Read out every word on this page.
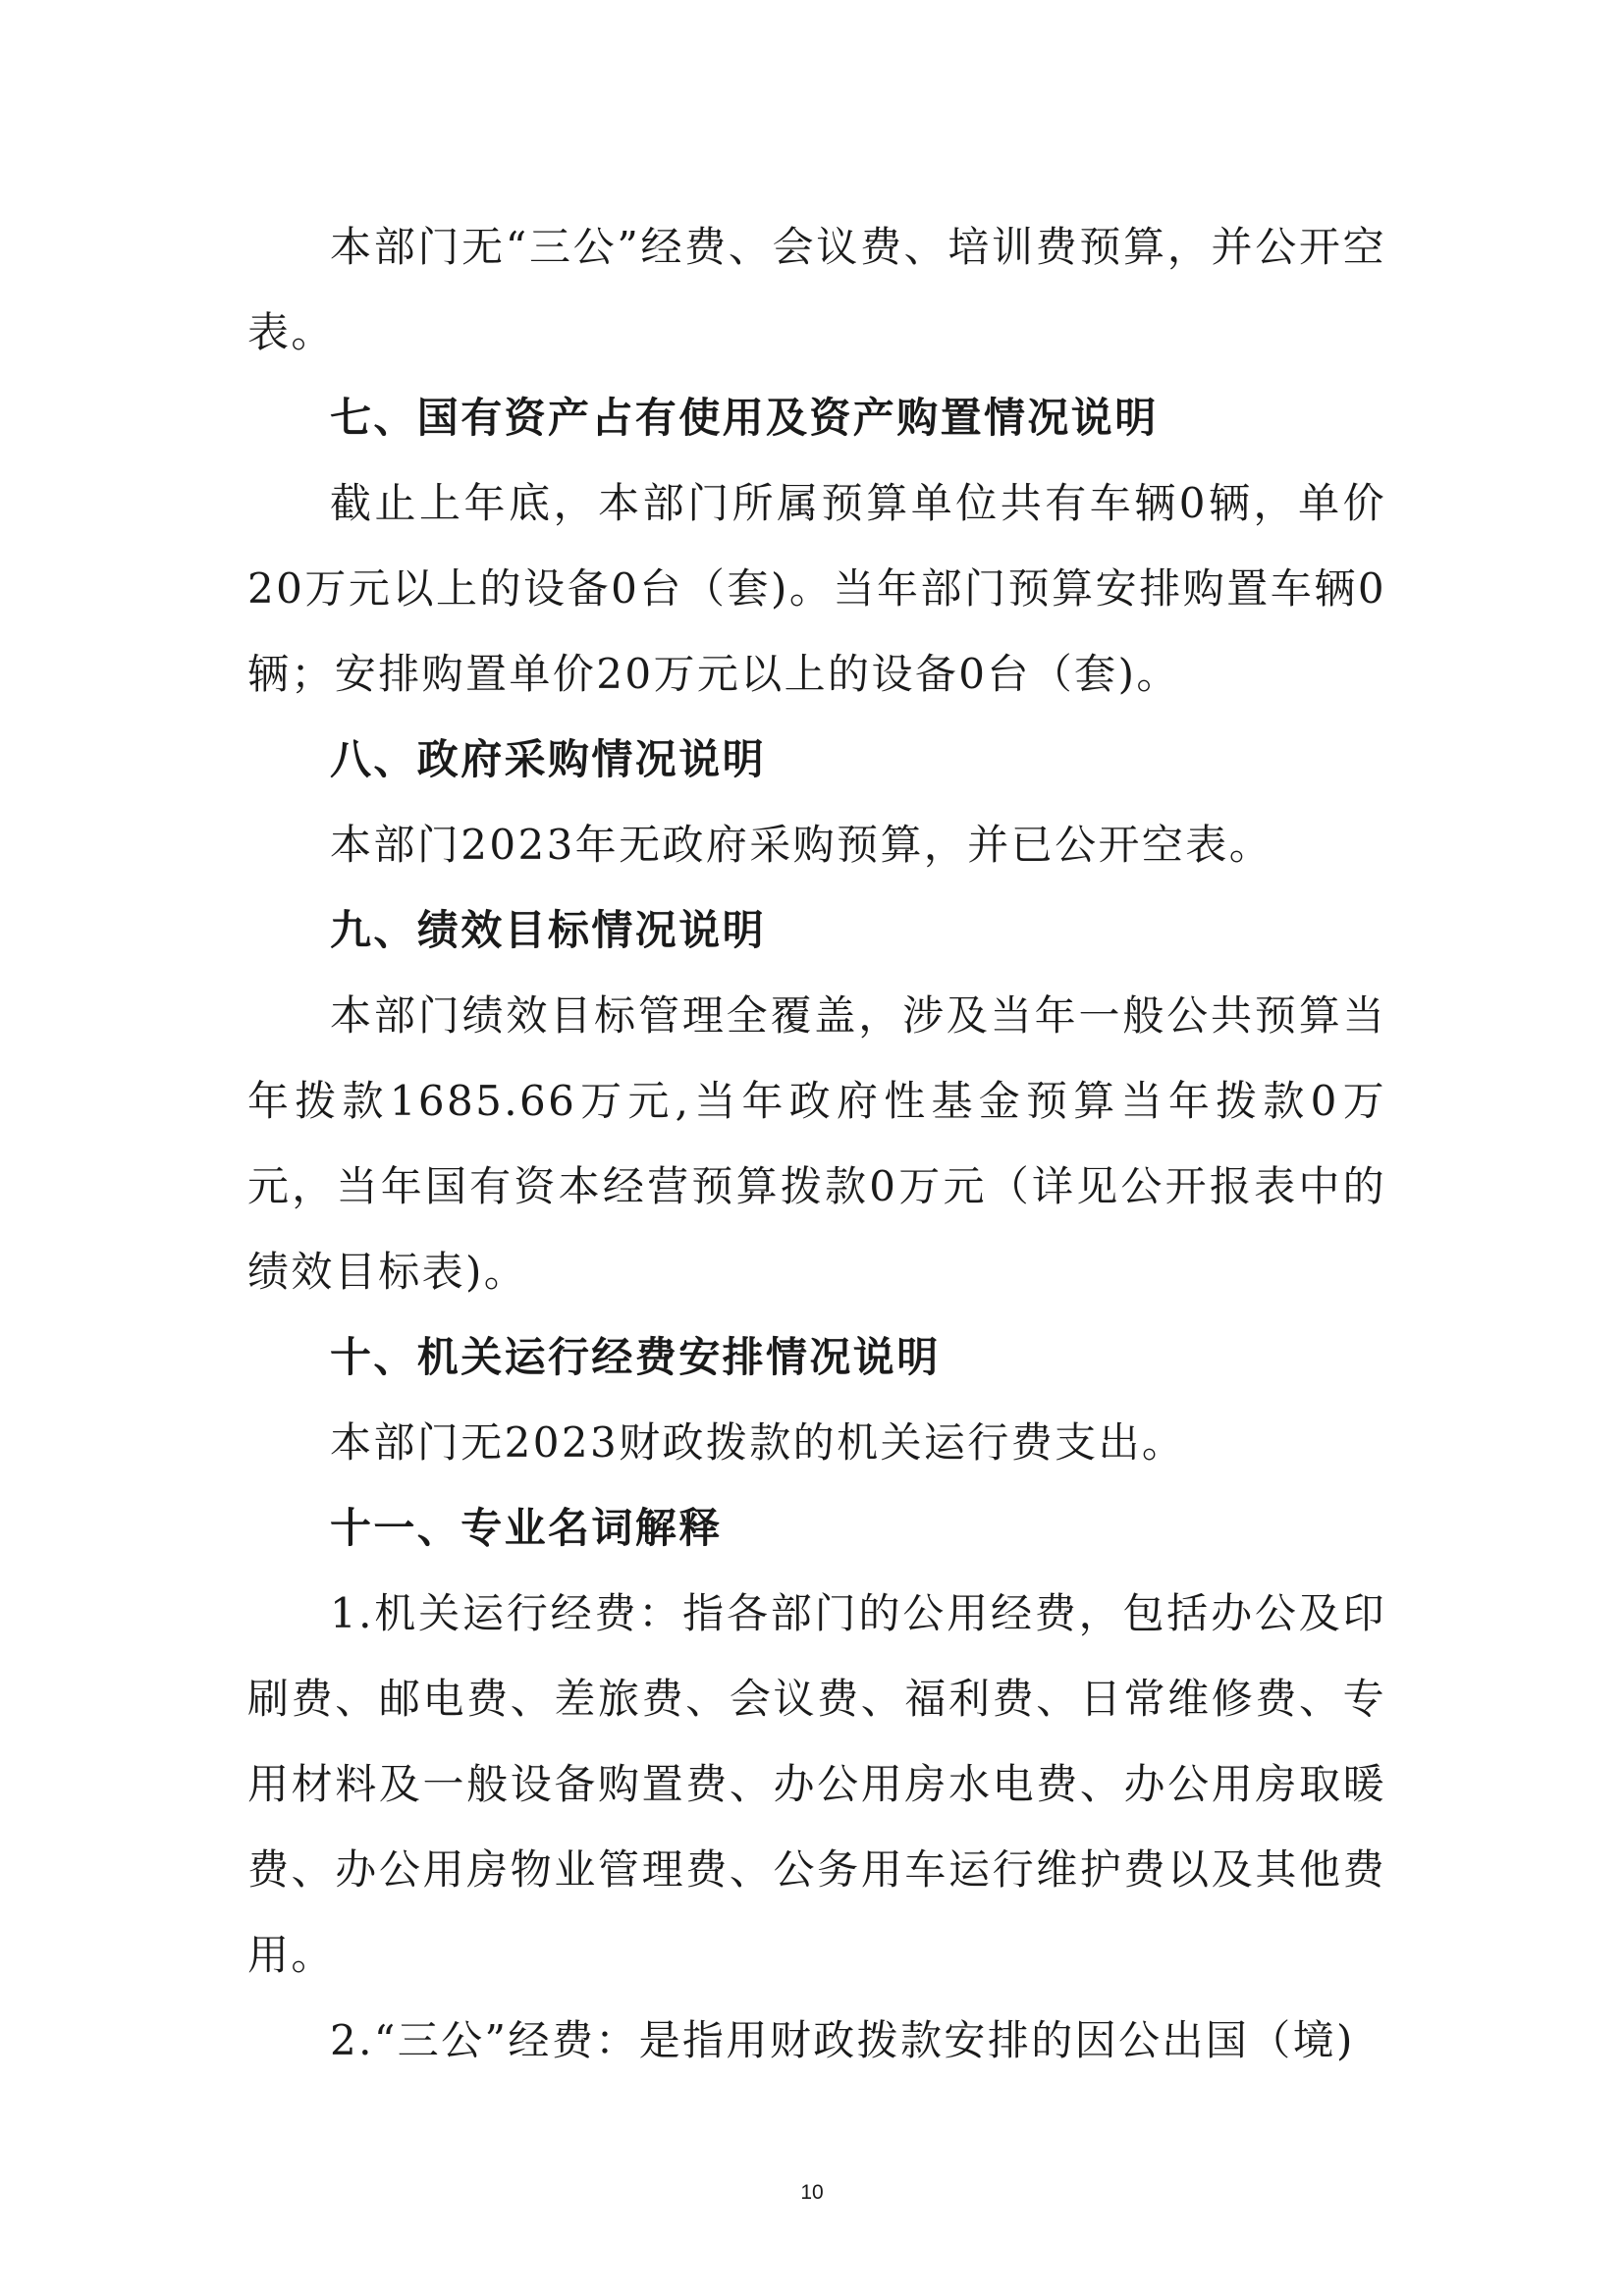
本部门无“三公”经费、会议费、培训费预算，并公开空表。

七、国有资产占有使用及资产购置情况说明

截止上年底，本部门所属预算单位共有车辆0辆，单价20万元以上的设备0台（套)。当年部门预算安排购置车辆0辆；安排购置单价20万元以上的设备0台（套)。

八、政府采购情况说明

本部门2023年无政府采购预算，并已公开空表。

九、绩效目标情况说明

本部门绩效目标管理全覆盖，涉及当年一般公共预算当年拨款1685.66万元,当年政府性基金预算当年拨款0万元，当年国有资本经营预算拨款0万元（详见公开报表中的绩效目标表)。

十、机关运行经费安排情况说明

本部门无2023财政拨款的机关运行费支出。

十一、专业名词解释

1.机关运行经费：指各部门的公用经费，包括办公及印刷费、邮电费、差旅费、会议费、福利费、日常维修费、专用材料及一般设备购置费、办公用房水电费、办公用房取暖费、办公用房物业管理费、公务用车运行维护费以及其他费用。

2.“三公”经费：是指用财政拨款安排的因公出国（境)

10
